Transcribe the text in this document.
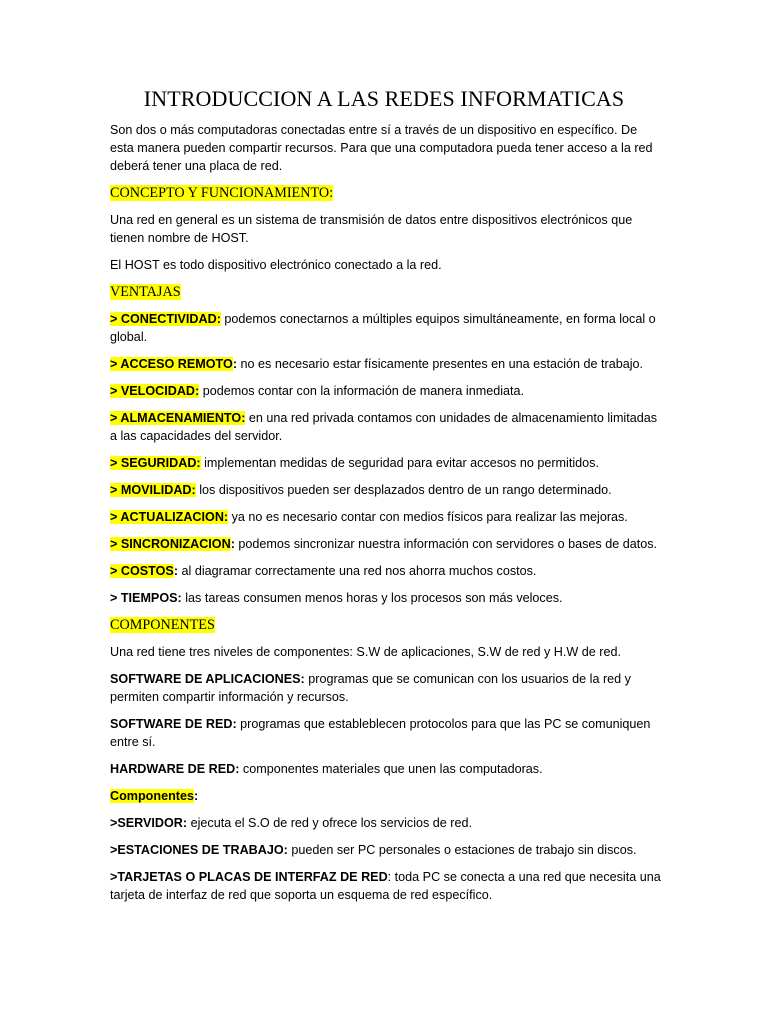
INTRODUCCION A LAS REDES INFORMATICAS

Son dos o más computadoras conectadas entre sí a través de un dispositivo en específico. De esta manera pueden compartir recursos. Para que una computadora pueda tener acceso a la red deberá tener una placa de red.

CONCEPTO Y FUNCIONAMIENTO:

Una red en general es un sistema de transmisión de datos entre dispositivos electrónicos que tienen nombre de HOST.

El HOST es todo dispositivo electrónico conectado a la red.

VENTAJAS

> CONECTIVIDAD: podemos conectarnos a múltiples equipos simultáneamente, en forma local o global.

> ACCESO REMOTO: no es necesario estar físicamente presentes en una estación de trabajo.

> VELOCIDAD: podemos contar con la información de manera inmediata.

> ALMACENAMIENTO: en una red privada contamos con unidades de almacenamiento limitadas a las capacidades del servidor.

> SEGURIDAD: implementan medidas de seguridad para evitar accesos no permitidos.

> MOVILIDAD: los dispositivos pueden ser desplazados dentro de un rango determinado.

> ACTUALIZACION: ya no es necesario contar con medios físicos para realizar las mejoras.

> SINCRONIZACION: podemos sincronizar nuestra información con servidores o bases de datos.

> COSTOS: al diagramar correctamente una red nos ahorra muchos costos.

> TIEMPOS: las tareas consumen menos horas y los procesos son más veloces.

COMPONENTES

Una red tiene tres niveles de componentes: S.W de aplicaciones, S.W de red y H.W de red.

SOFTWARE DE APLICACIONES: programas que se comunican con los usuarios de la red y permiten compartir información y recursos.

SOFTWARE DE RED: programas que estableblecen protocolos para que las PC se comuniquen entre sí.

HARDWARE DE RED: componentes materiales que unen las computadoras.

Componentes:

>SERVIDOR: ejecuta el S.O de red y ofrece los servicios de red.

>ESTACIONES DE TRABAJO: pueden ser PC personales o estaciones de trabajo sin discos.

>TARJETAS O PLACAS DE INTERFAZ DE RED: toda PC se conecta a una red que necesita una tarjeta de interfaz de red que soporta un esquema de red específico.
